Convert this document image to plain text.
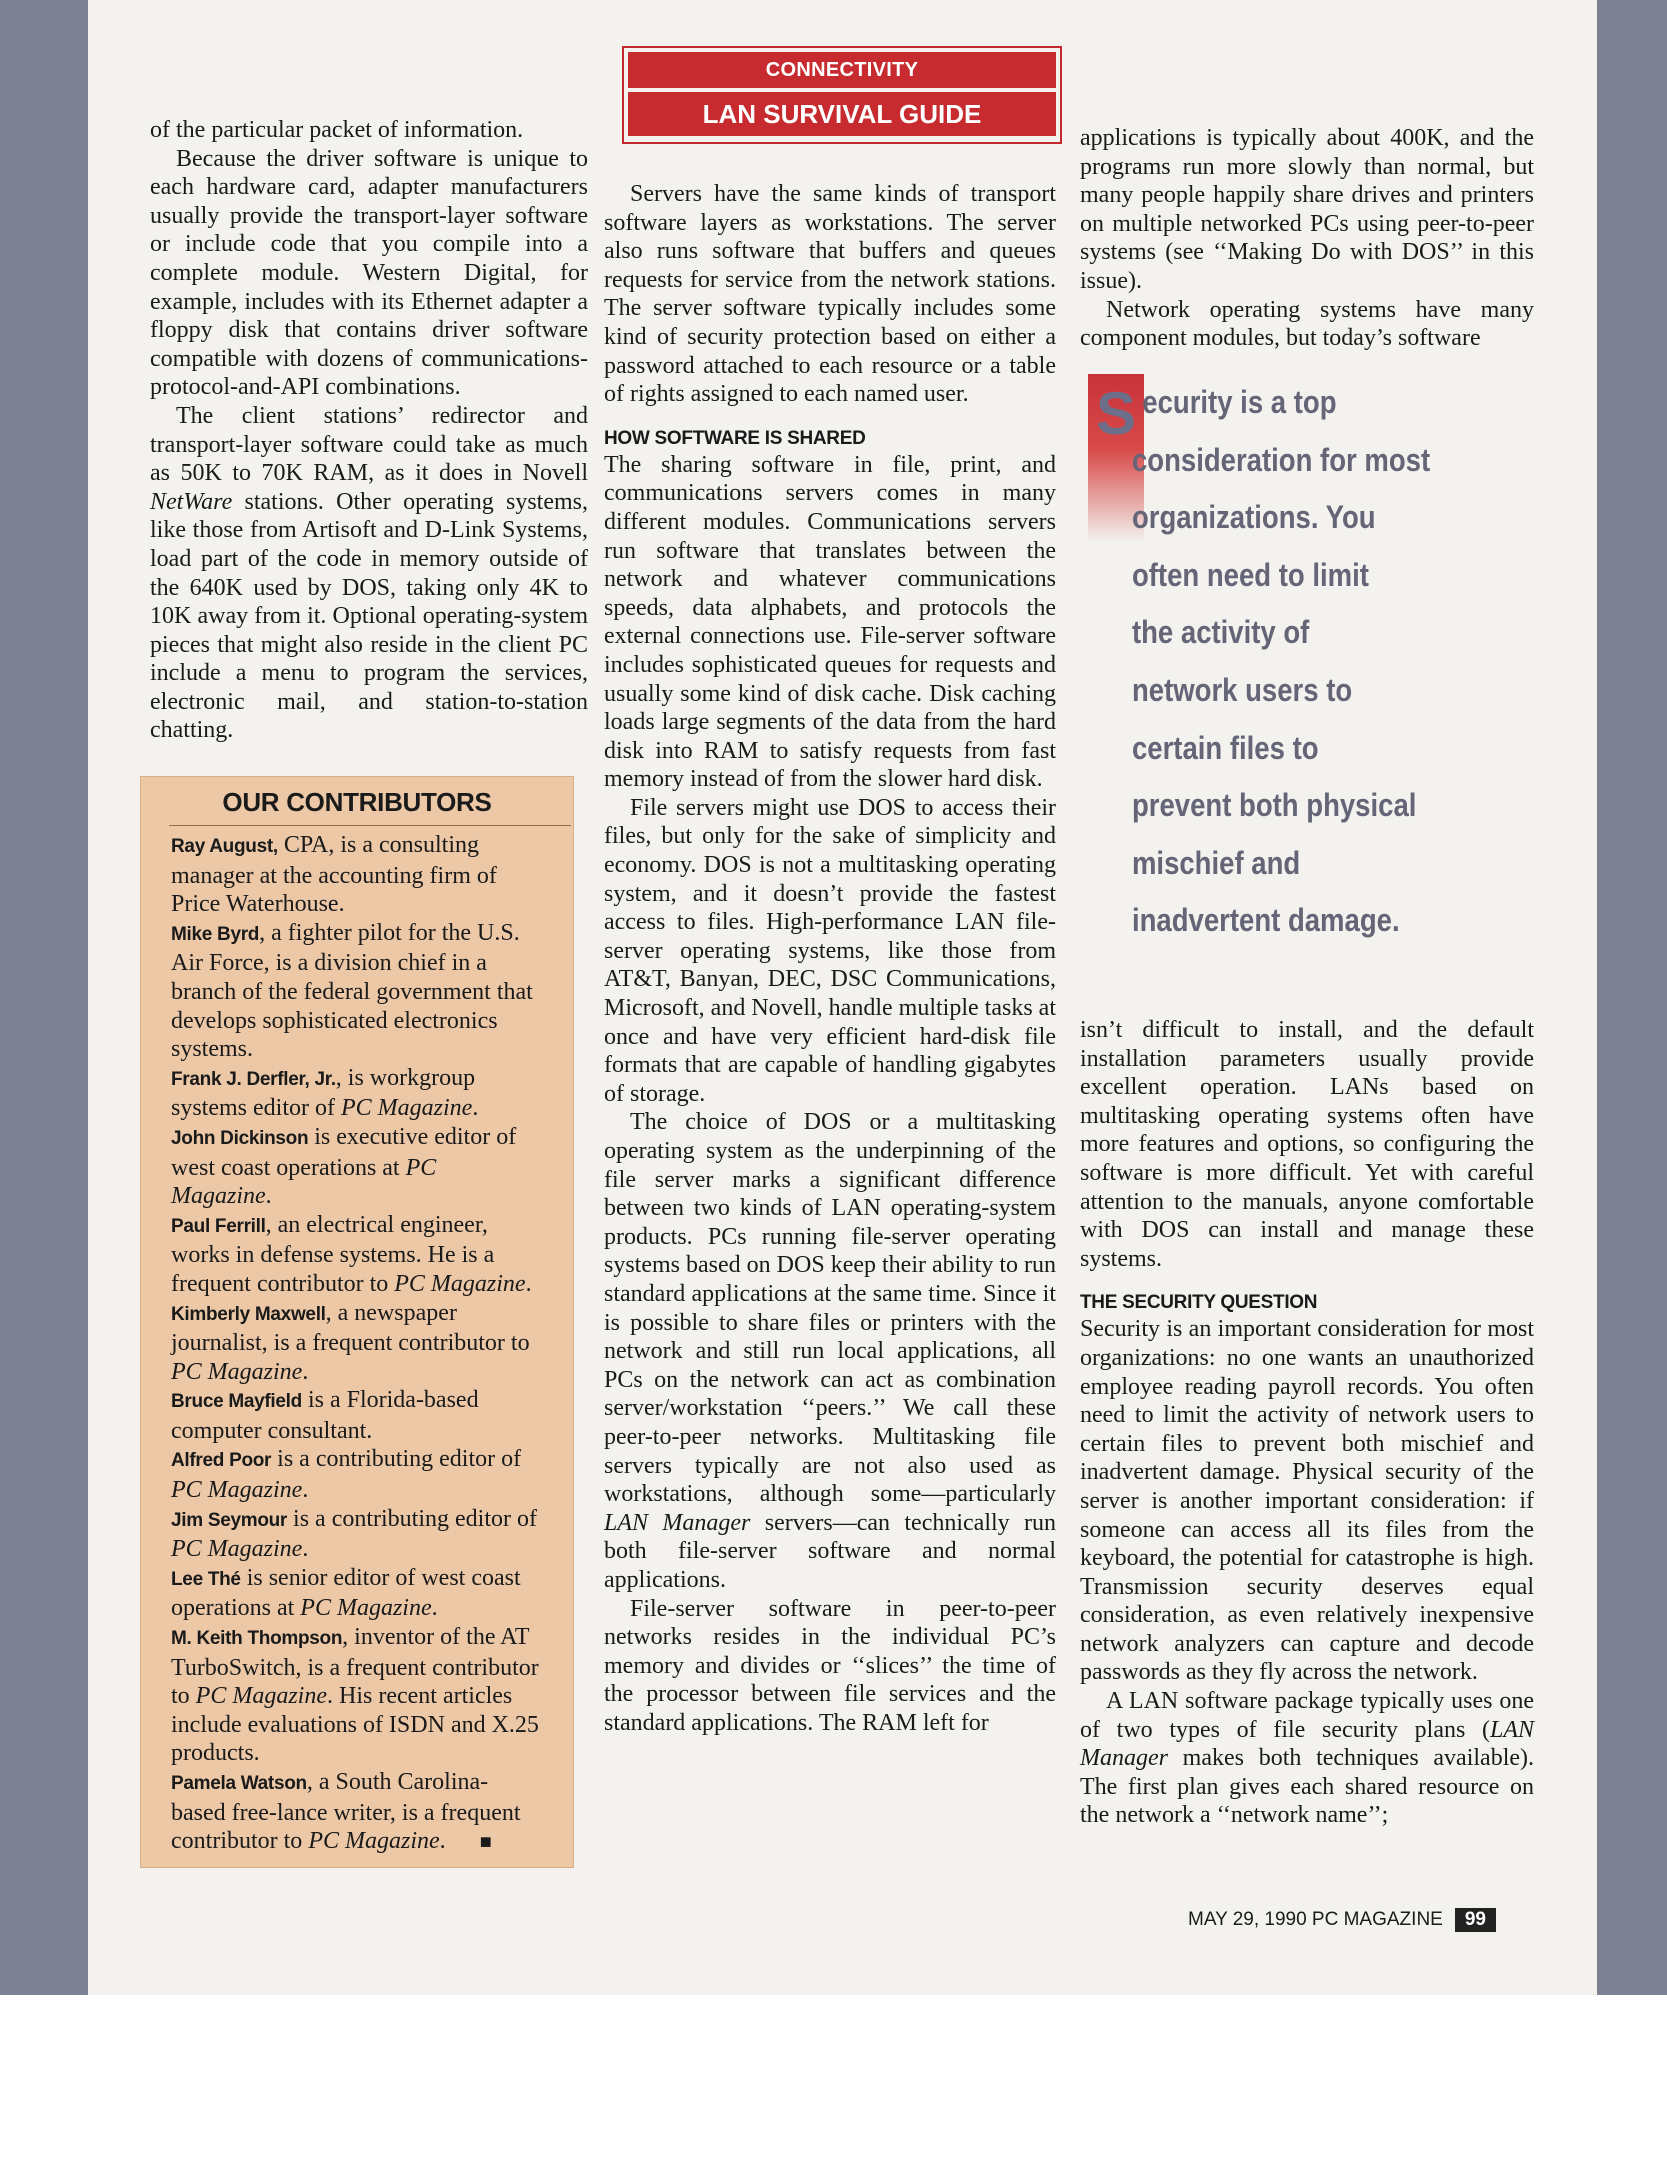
CONNECTIVITY
LAN SURVIVAL GUIDE

of the particular packet of information.

Because the driver software is unique to each hardware card, adapter manufacturers usually provide the transport-layer software or include code that you compile into a complete module. Western Digital, for example, includes with its Ethernet adapter a floppy disk that contains driver software compatible with dozens of communications-protocol-and-API combinations.

The client stations’ redirector and transport-layer software could take as much as 50K to 70K RAM, as it does in Novell NetWare stations. Other operating systems, like those from Artisoft and D-Link Systems, load part of the code in memory outside of the 640K used by DOS, taking only 4K to 10K away from it. Optional operating-system pieces that might also reside in the client PC include a menu to program the services, electronic mail, and station-to-station chatting.

OUR CONTRIBUTORS

Ray August, CPA, is a consulting manager at the accounting firm of Price Waterhouse.

Mike Byrd, a fighter pilot for the U.S. Air Force, is a division chief in a branch of the federal government that develops sophisticated electronics systems.

Frank J. Derfler, Jr., is workgroup systems editor of PC Magazine.

John Dickinson is executive editor of west coast operations at PC Magazine.

Paul Ferrill, an electrical engineer, works in defense systems. He is a frequent contributor to PC Magazine.

Kimberly Maxwell, a newspaper journalist, is a frequent contributor to PC Magazine.

Bruce Mayfield is a Florida-based computer consultant.

Alfred Poor is a contributing editor of PC Magazine.

Jim Seymour is a contributing editor of PC Magazine.

Lee Thé is senior editor of west coast operations at PC Magazine.

M. Keith Thompson, inventor of the AT TurboSwitch, is a frequent contributor to PC Magazine. His recent articles include evaluations of ISDN and X.25 products.

Pamela Watson, a South Carolina-based free-lance writer, is a frequent contributor to PC Magazine. ■

Servers have the same kinds of transport software layers as workstations. The server also runs software that buffers and queues requests for service from the network stations. The server software typically includes some kind of security protection based on either a password attached to each resource or a table of rights assigned to each named user.

HOW SOFTWARE IS SHARED

The sharing software in file, print, and communications servers comes in many different modules. Communications servers run software that translates between the network and whatever communications speeds, data alphabets, and protocols the external connections use. File-server software includes sophisticated queues for requests and usually some kind of disk cache. Disk caching loads large segments of the data from the hard disk into RAM to satisfy requests from fast memory instead of from the slower hard disk.

File servers might use DOS to access their files, but only for the sake of simplicity and economy. DOS is not a multitasking operating system, and it doesn’t provide the fastest access to files. High-performance LAN file-server operating systems, like those from AT&T, Banyan, DEC, DSC Communications, Microsoft, and Novell, handle multiple tasks at once and have very efficient hard-disk file formats that are capable of handling gigabytes of storage.

The choice of DOS or a multitasking operating system as the underpinning of the file server marks a significant difference between two kinds of LAN operating-system products. PCs running file-server operating systems based on DOS keep their ability to run standard applications at the same time. Since it is possible to share files or printers with the network and still run local applications, all PCs on the network can act as combination server/workstation ‘‘peers.’’ We call these peer-to-peer networks. Multitasking file servers typically are not also used as workstations, although some—particularly LAN Manager servers—can technically run both file-server software and normal applications.

File-server software in peer-to-peer networks resides in the individual PC’s memory and divides or ‘‘slices’’ the time of the processor between file services and the standard applications. The RAM left for

applications is typically about 400K, and the programs run more slowly than normal, but many people happily share drives and printers on multiple networked PCs using peer-to-peer systems (see ‘‘Making Do with DOS’’ in this issue).

Network operating systems have many component modules, but today’s software

S ecurity is a top
consideration for most
organizations. You
often need to limit
the activity of
network users to
certain files to
prevent both physical
mischief and
inadvertent damage.

isn’t difficult to install, and the default installation parameters usually provide excellent operation. LANs based on multitasking operating systems often have more features and options, so configuring the software is more difficult. Yet with careful attention to the manuals, anyone comfortable with DOS can install and manage these systems.

THE SECURITY QUESTION

Security is an important consideration for most organizations: no one wants an unauthorized employee reading payroll records. You often need to limit the activity of network users to certain files to prevent both mischief and inadvertent damage. Physical security of the server is another important consideration: if someone can access all its files from the keyboard, the potential for catastrophe is high. Transmission security deserves equal consideration, as even relatively inexpensive network analyzers can capture and decode passwords as they fly across the network.

A LAN software package typically uses one of two types of file security plans (LAN Manager makes both techniques available). The first plan gives each shared resource on the network a ‘‘network name’’;

MAY 29, 1990 PC MAGAZINE 99
